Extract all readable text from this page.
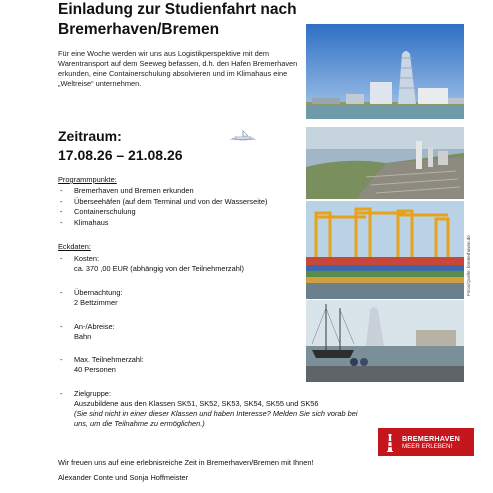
Einladung zur Studienfahrt nach
Bremerhaven/Bremen

Für eine Woche werden wir uns aus Logistikperspektive mit dem Warentransport auf dem Seeweg befassen, d.h. den Hafen Bremerhaven erkunden, eine Containerschulung absolvieren und im Klimahaus eine „Weltreise“ unternehmen.

Zeitraum:
17.08.26 – 21.08.26
Programmpunkte:
- Bremerhaven und Bremen erkunden
- Überseehäfen (auf dem Terminal und von der Wasserseite)
- Containerschulung
- Klimahaus
Eckdaten:
-	Kosten:
ca. 370 ,00 EUR (abhängig von der Teilnehmerzahl)
-	Übernachtung:
2 Bettzimmer
-	An-/Abreise:
Bahn
-	Max. Teilnehmerzahl:
40 Personen
-	Zielgruppe:
Auszubildene aus den Klassen SK51, SK52, SK53, SK54, SK55 und SK56
(Sie sind nicht in einer dieser Klassen und haben Interesse? Melden Sie sich vorab bei uns, um die Teilnahme zu ermöglichen.)
Wir freuen uns auf eine erlebnisreiche Zeit in Bremerhaven/Bremen mit Ihnen!
Alexander Conte und Sonja Hoffmeister
Fotos/Quelle: bremerhaven.de
BREMERHAVEN
MEER ERLEBEN!
